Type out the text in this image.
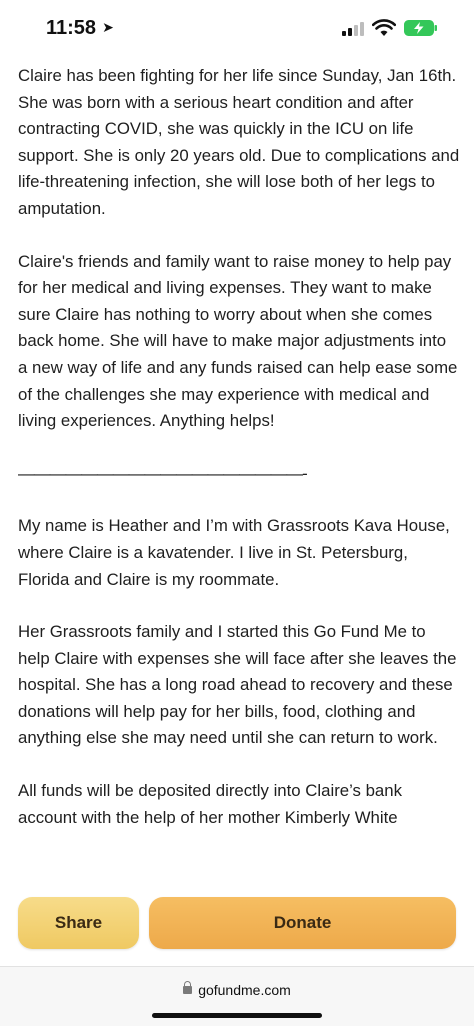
11:58 ➤

Claire has been fighting for her life since Sunday, Jan 16th. She was born with a serious heart condition and after contracting COVID, she was quickly in the ICU on life support. She is only 20 years old. Due to complications and life-threatening infection, she will lose both of her legs to amputation.

Claire's friends and family want to raise money to help pay for her medical and living expenses. They want to make sure Claire has nothing to worry about when she comes back home. She will have to make major adjustments into a new way of life and any funds raised can help ease some of the challenges she may experience with medical and living experiences. Anything helps!

——————————————————-

My name is Heather and I’m with Grassroots Kava House, where Claire is a kavatender. I live in St. Petersburg, Florida and Claire is my roommate.

Her Grassroots family and I started this Go Fund Me to help Claire with expenses she will face after she leaves the hospital. She has a long road ahead to recovery and these donations will help pay for her bills, food, clothing and anything else she may need until she can return to work.

All funds will be deposited directly into Claire’s bank account with the help of her mother Kimberly White

Share	Donate
gofundme.com
